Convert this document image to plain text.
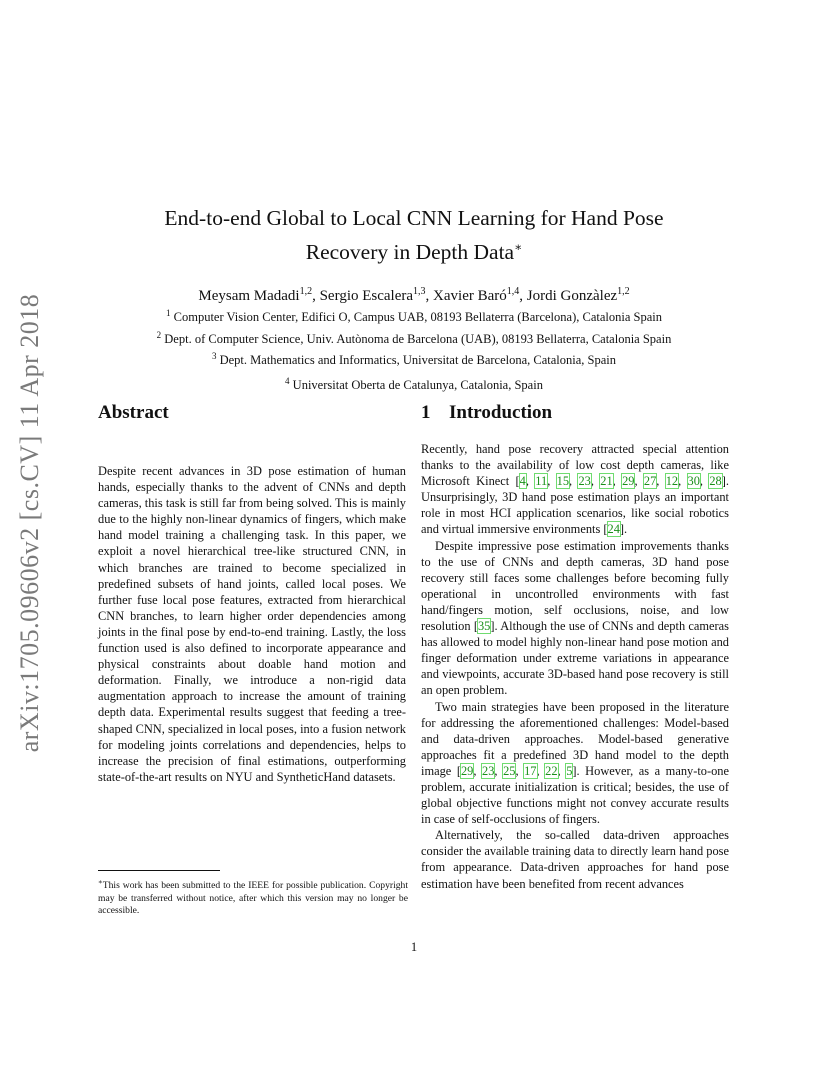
arXiv:1705.09606v2 [cs.CV] 11 Apr 2018
End-to-end Global to Local CNN Learning for Hand Pose
Recovery in Depth Data∗
Meysam Madadi$^{1,2}$, Sergio Escalera$^{1,3}$, Xavier Baró$^{1,4}$, Jordi Gonzàlez$^{1,2}$
$^1$ Computer Vision Center, Edifici O, Campus UAB, 08193 Bellaterra (Barcelona), Catalonia Spain
$^2$ Dept. of Computer Science, Univ. Autònoma de Barcelona (UAB), 08193 Bellaterra, Catalonia Spain
$^3$ Dept. Mathematics and Informatics, Universitat de Barcelona, Catalonia, Spain
$^4$ Universitat Oberta de Catalunya, Catalonia, Spain
Abstract	1 Introduction
Despite recent advances in 3D pose estimation of human hands, especially thanks to the advent of CNNs and depth cameras, this task is still far from being solved. This is mainly due to the highly non-linear dynamics of fingers, which make hand model training a challenging task. In this paper, we exploit a novel hierarchical tree-like structured CNN, in which branches are trained to become specialized in predefined subsets of hand joints, called local poses. We further fuse local pose features, extracted from hierarchical CNN branches, to learn higher order dependencies among joints in the final pose by end-to-end training. Lastly, the loss function used is also defined to incorporate appearance and physical constraints about doable hand motion and deformation. Finally, we introduce a non-rigid data augmentation approach to increase the amount of training depth data. Experimental results suggest that feeding a tree-shaped CNN, specialized in local poses, into a fusion network for modeling joints correlations and dependencies, helps to increase the precision of final estimations, outperforming state-of-the-art results on NYU and SyntheticHand datasets.

Recently, hand pose recovery attracted special attention thanks to the availability of low cost depth cameras, like Microsoft Kinect [4, 11, 15, 23, 21, 29, 27, 12, 30, 28]. Unsurprisingly, 3D hand pose estimation plays an important role in most HCI application scenarios, like social robotics and virtual immersive environments [24].

Despite impressive pose estimation improvements thanks to the use of CNNs and depth cameras, 3D hand pose recovery still faces some challenges before becoming fully operational in uncontrolled environments with fast hand/fingers motion, self occlusions, noise, and low resolution [35]. Although the use of CNNs and depth cameras has allowed to model highly non-linear hand pose motion and finger deformation under extreme variations in appearance and viewpoints, accurate 3D-based hand pose recovery is still an open problem.

Two main strategies have been proposed in the literature for addressing the aforementioned challenges: Model-based and data-driven approaches. Model-based generative approaches fit a predefined 3D hand model to the depth image [29, 23, 25, 17, 22, 5]. However, as a many-to-one problem, accurate initialization is critical; besides, the use of global objective functions might not convey accurate results in case of self-occlusions of fingers.

Alternatively, the so-called data-driven approaches consider the available training data to directly learn hand pose from appearance. Data-driven approaches for hand pose estimation have been benefited from recent advances

∗This work has been submitted to the IEEE for possible publication. Copyright may be transferred without notice, after which this version may no longer be accessible.
1
